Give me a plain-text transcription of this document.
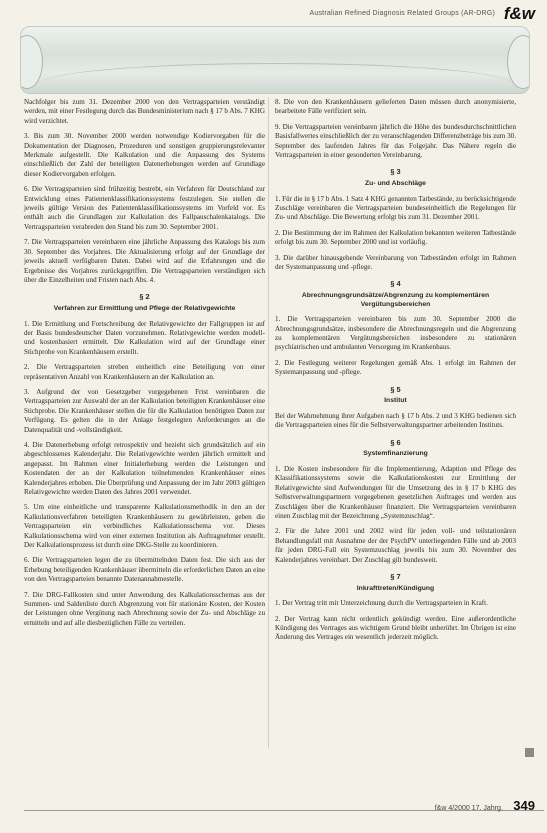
Australian Refined Diagnosis Related Groups (AR-DRG) f&w

Nachfolger bis zum 31. Dezember 2000 von den Vertragsparteien verständigt werden, mit einer Festlegung durch das Bundesministerium nach § 17 b Abs. 7 KHG wird verzichtet.

3. Bis zum 30. November 2000 werden notwendige Kodiervorgaben für die Dokumentation der Diagnosen, Prozeduren und sonstigen gruppierungsrelevanter Merkmale aufgestellt. Die Kalkulation und die Anpassung des Systems einschließlich der Zahl der beteiligten Datenerhebungen werden auf Grundlage dieser Kodiervorgaben erfolgen.

6. Die Vertragsparteien sind frühzeitig bestrebt, ein Verfahren für Deutschland zur Entwicklung eines Patientenklassifikationssystems festzulegen. Sie stellen die jeweils gültige Version des Patientenklassifikationssystems im Vorfeld vor. Es enthält auch die Grundlagen zur Kalkulation des Fallpauschalenkatalogs. Die Vertragsparteien verabreden den Stand bis zum 30. September 2001.

7. Die Vertragsparteien vereinbaren eine jährliche Anpassung des Katalogs bis zum 30. September des Vorjahres. Die Aktualisierung erfolgt auf der Grundlage der jeweils aktuell verfügbaren Daten. Dabei wird auf die Erfahrungen und die Ergebnisse des Vorjahres zurückgegriffen. Die Vertragsparteien verständigen sich über die Einzelheiten und Fristen nach Abs. 4.

§ 2
Verfahren zur Ermittlung und Pflege der Relativgewichte

1. Die Ermittlung und Fortschreibung der Relativgewichte der Fallgruppen ist auf der Basis bundesdeutscher Daten vorzunehmen. Relativgewichte werden modell- und kostenbasiert ermittelt. Die Kalkulation wird auf der Grundlage einer Stichprobe von Krankenhäusern erstellt.

2. Die Vertragsparteien streben einheitlich eine Beteiligung von einer repräsentativen Anzahl von Krankenhäusern an der Kalkulation an.

3. Aufgrund der von Gesetzgeber vorgegebenen Frist vereinbaren die Vertragsparteien zur Auswahl der an der Kalkulation beteiligten Krankenhäuser eine Stichprobe. Die Krankenhäuser stellen die für die Kalkulation benötigten Daten zur Verfügung. Es gelten die in der Anlage festgelegten Anforderungen an die Datenqualität und -vollständigkeit.

4. Die Datenerhebung erfolgt retrospektiv und bezieht sich grundsätzlich auf ein abgeschlossenes Kalenderjahr. Die Relativgewichte werden jährlich ermittelt und angepasst. Im Rahmen einer Initialerhebung werden die Leistungen und Kostendaten der an der Kalkulation teilnehmenden Krankenhäuser eines Kalenderjahres erhoben. Die Überprüfung und Anpassung der im Jahr 2003 gültigen Relativgewichte werden Daten des Jahres 2001 verwendet.

5. Um eine einheitliche und transparente Kalkulationsmethodik in den an der Kalkulationsverfahren beteiligten Krankenhäusern zu gewährleisten, geben die Vertragsparteien ein verbindliches Kalkulationsschema vor. Dieses Kalkulationsschema wird von einer externen Institution als Auftragnehmer erstellt. Der Kalkulationsprozess ist durch eine DKG-Stelle zu koordinieren.

6. Die Vertragsparteien legen die zu übermittelnden Daten fest. Die sich aus der Erhebung beteiligenden Krankenhäuser übermitteln die erforderlichen Daten an eine von den Vertragsparteien benannte Datenannahmestelle.

7. Die DRG-Fallkosten sind unter Anwendung des Kalkulationsschemas aus der Summen- und Saldenliste durch Abgrenzung von für stationäre Kosten, der Kosten der Leistungen ohne Vergütung nach Abrechnung sowie der Zu- und Abschläge zu ermitteln und auf alle diesbezüglichen Fälle zu verteilen.

8. Die von den Krankenhäusern gelieferten Daten müssen durch anonymisierte, bearbeitete Fälle verifiziert sein.

9. Die Vertragsparteien vereinbaren jährlich die Höhe des bundesdurchschnittlichen Basisfallwertes einschließlich der zu veranschlagenden Differenzbeträge bis zum 30. September des laufenden Jahres für das Folgejahr. Das Nähere regeln die Vertragsparteien in einer gesonderten Vereinbarung.

§ 3
Zu- und Abschläge

1. Für die in § 17 b Abs. 1 Satz 4 KHG genannten Tatbestände, zu berücksichtigende Zuschläge vereinbaren die Vertragsparteien bundeseinheitlich die Regelungen für Zu- und Abschläge. Die Bewertung erfolgt bis zum 31. Dezember 2001.

2. Die Bestimmung der im Rahmen der Kalkulation bekannten weiteren Tatbestände erfolgt bis zum 30. September 2000 und ist vorläufig.

3. Die darüber hinausgehende Vereinbarung von Tatbeständen erfolgt im Rahmen der Systemanpassung und -pflege.

§ 4
Abrechnungsgrundsätze/Abgrenzung zu komplementären Vergütungsbereichen

1. Die Vertragsparteien vereinbaren bis zum 30. September 2000 die Abrechnungsgrundsätze, insbesondere die Abrechnungsregeln und die Abgrenzung zu komplementären Vergütungsbereichen insbesondere zu stationären psychiatrischen und ambulanten Versorgung im Krankenhaus.

2. Die Festlegung weiterer Regelungen gemäß Abs. 1 erfolgt im Rahmen der Systemanpassung und -pflege.

§ 5
Institut

Bei der Wahrnehmung ihrer Aufgaben nach § 17 b Abs. 2 und 3 KHG bedienen sich die Vertragsparteien eines für die Selbstverwaltungspartner arbeitenden Instituts.

§ 6
Systemfinanzierung

1. Die Kosten insbesondere für die Implementierung, Adaption und Pflege des Klassifikationssystems sowie die Kalkulationskosten zur Ermittlung der Relativgewichte sind Aufwendungen für die Umsetzung des in § 17 b KHG des Selbstverwaltungspartnern vorgegebenen gesetzlichen Auftrages und werden aus Zuschlägen über die Krankenhäuser finanziert. Die Vertragsparteien vereinbaren einen Zuschlag mit der Bezeichnung „Systemzuschlag“.

2. Für die Jahre 2001 und 2002 wird für jeden voll- und teilstationären Behandlungsfall mit Ausnahme der der PsychPV unterliegenden Fälle und ab 2003 für jeden DRG-Fall ein Systemzuschlag jeweils bis zum 30. November des Kalenderjahres vereinbart. Der Zuschlag gilt bundesweit.

§ 7
Inkrafttreten/Kündigung

1. Der Vertrag tritt mit Unterzeichnung durch die Vertragsparteien in Kraft.

2. Der Vertrag kann nicht ordentlich gekündigt werden. Eine außerordentliche Kündigung des Vertrages aus wichtigem Grund bleibt unberührt. Im Übrigen ist eine Änderung des Vertrages ein wesentlich jederzeit möglich.

f&w 4/2000 17. Jahrg. 349
